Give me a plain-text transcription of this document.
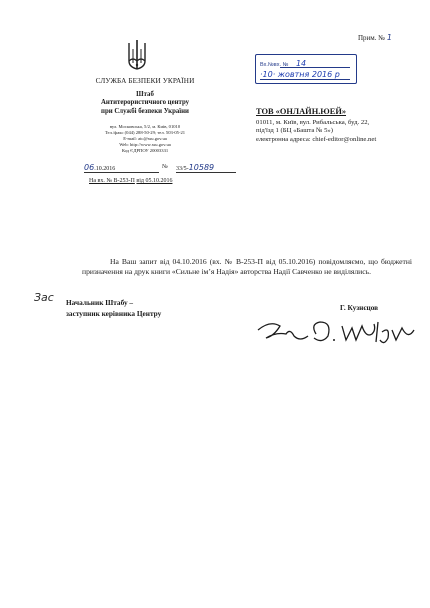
Прим. № 1
СЛУЖБА БЕЗПЕКИ УКРАЇНИ
Штаб
Антитерористичного центру
при Службі безпеки України
вул. Московська, 5/2, м. Київ, 01010
Тел./факс (044) 288-50-29; тел. 503-05-21
E-mail: atc@ssu.gov.ua
Web: http://www.ssu.gov.ua
Код ЄДРПОУ 20003331
06.10.2016	№ 33/5-10589
На вх. № В-253-П від 05.10.2016
Вх.№вх. № 14
·10· жовтня 2016 р
ТОВ «ОНЛАЙН.ЮЕЙ»
01011, м. Київ, вул. Рибальська, буд. 22,
під'їзд 1 (БЦ «Башта № 5»)
електронна адреса: chief-editor@online.net
На Ваш запит від 04.10.2016 (вх. № В-253-П від 05.10.2016) повідомляємо, що бюджетні призначення на друк книги «Сильне ім’я Надія» авторства Надії Савченко не виділялись.
Зас Начальник Штабу –
заступник керівника Центру
Г. Кузнєцов
